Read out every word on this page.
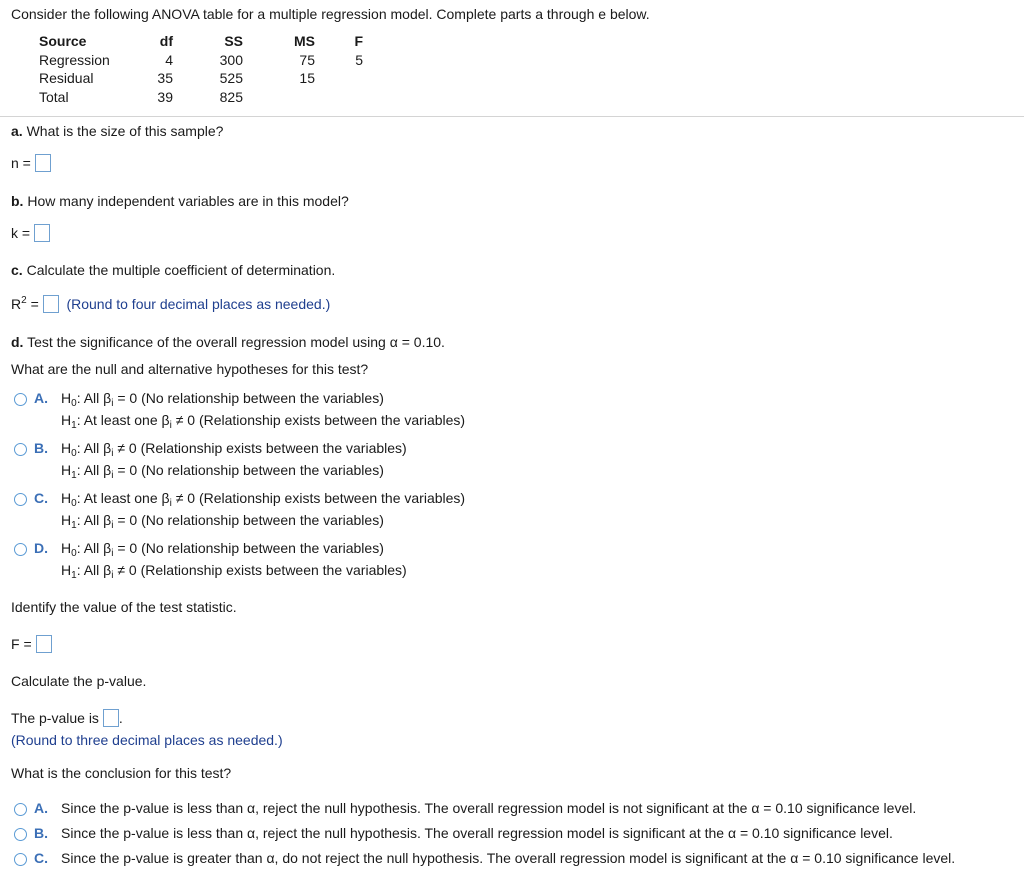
Consider the following ANOVA table for a multiple regression model. Complete parts a through e below.
Source	df	SS	MS	F
Regression	4	300	75	5
Residual	35	525	15	
Total	39	825		
a. What is the size of this sample?
n =

b. How many independent variables are in this model?
k =

c. Calculate the multiple coefficient of determination.
$R^2$
=

(Round to four decimal places as needed.)
d. Test the significance of the overall regression model using α = 0.10.
What are the null and alternative hypotheses for this test?
A. $H_0$: All $\beta_i = 0$ (No relationship between the variables)
$H_1$: At least one $\beta_i \ne 0$ (Relationship exists between the variables)
B. $H_0$: All $\beta_i \ne 0$ (Relationship exists between the variables)
$H_1$: All $\beta_i = 0$ (No relationship between the variables)
C. $H_0$: At least one $\beta_i \ne 0$ (Relationship exists between the variables)
$H_1$: All $\beta_i = 0$ (No relationship between the variables)
D. $H_0$: All $\beta_i = 0$ (No relationship between the variables)
$H_1$: All $\beta_i \ne 0$ (Relationship exists between the variables)
Identify the value of the test statistic.
F =

Calculate the p-value.
The p-value is
.
(Round to three decimal places as needed.)
What is the conclusion for this test?
A. Since the p-value is less than α, reject the null hypothesis. The overall regression model is not significant at the α = 0.10 significance level.
B. Since the p-value is less than α, reject the null hypothesis. The overall regression model is significant at the α = 0.10 significance level.
C. Since the p-value is greater than α, do not reject the null hypothesis. The overall regression model is significant at the α = 0.10 significance level.
